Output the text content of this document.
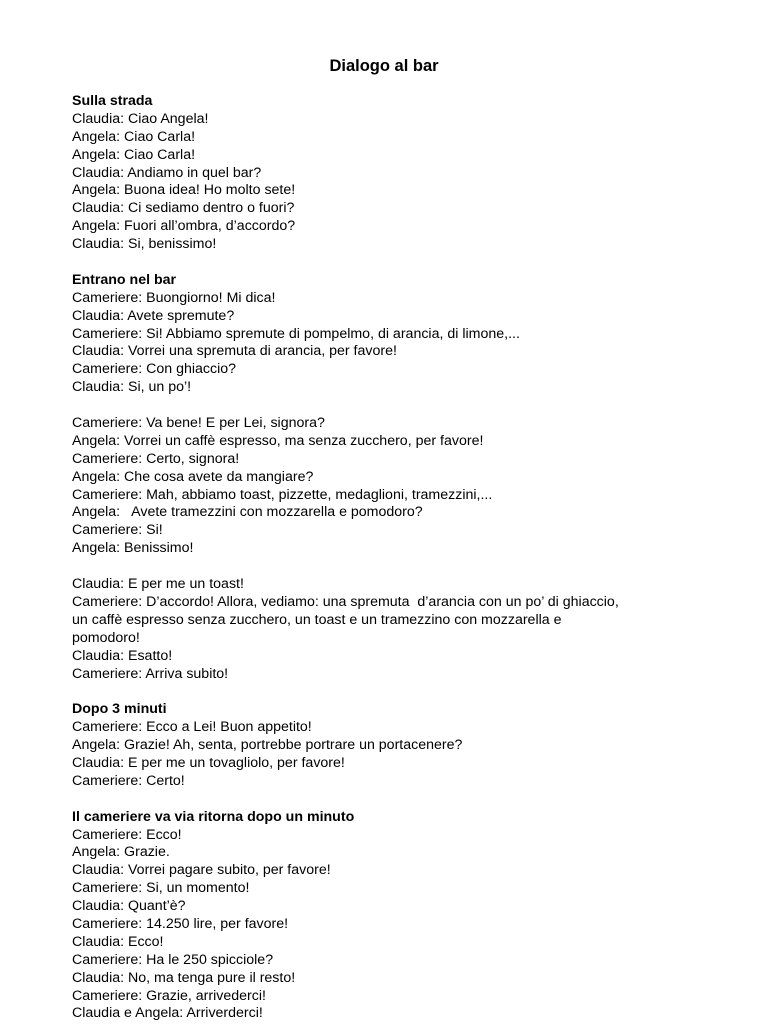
Dialogo al bar
Sulla strada
Claudia: Ciao Angela!
Angela: Ciao Carla!
Angela: Ciao Carla!
Claudia: Andiamo in quel bar?
Angela: Buona idea! Ho molto sete!
Claudia: Ci sediamo dentro o fuori?
Angela: Fuori all’ombra, d’accordo?
Claudia: Si, benissimo!
Entrano nel bar
Cameriere: Buongiorno! Mi dica!
Claudia: Avete spremute?
Cameriere: Si! Abbiamo spremute di pompelmo, di arancia, di limone,...
Claudia: Vorrei una spremuta di arancia, per favore!
Cameriere: Con ghiaccio?
Claudia: Si, un po’!
Cameriere: Va bene! E per Lei, signora?
Angela: Vorrei un caffè espresso, ma senza zucchero, per favore!
Cameriere: Certo, signora!
Angela: Che cosa avete da mangiare?
Cameriere: Mah, abbiamo toast, pizzette, medaglioni, tramezzini,...
Angela:   Avete tramezzini con mozzarella e pomodoro?
Cameriere: Si!
Angela: Benissimo!
Claudia: E per me un toast!
Cameriere: D’accordo! Allora, vediamo: una spremuta  d’arancia con un po’ di ghiaccio,
un caffè espresso senza zucchero, un toast e un tramezzino con mozzarella e
pomodoro!
Claudia: Esatto!
Cameriere: Arriva subito!
Dopo 3 minuti
Cameriere: Ecco a Lei! Buon appetito!
Angela: Grazie! Ah, senta, portrebbe portrare un portacenere?
Claudia: E per me un tovagliolo, per favore!
Cameriere: Certo!
Il cameriere va via ritorna dopo un minuto
Cameriere: Ecco!
Angela: Grazie.
Claudia: Vorrei pagare subito, per favore!
Cameriere: Si, un momento!
Claudia: Quant’è?
Cameriere: 14.250 lire, per favore!
Claudia: Ecco!
Cameriere: Ha le 250 spicciole?
Claudia: No, ma tenga pure il resto!
Cameriere: Grazie, arrivederci!
Claudia e Angela: Arriverderci!
